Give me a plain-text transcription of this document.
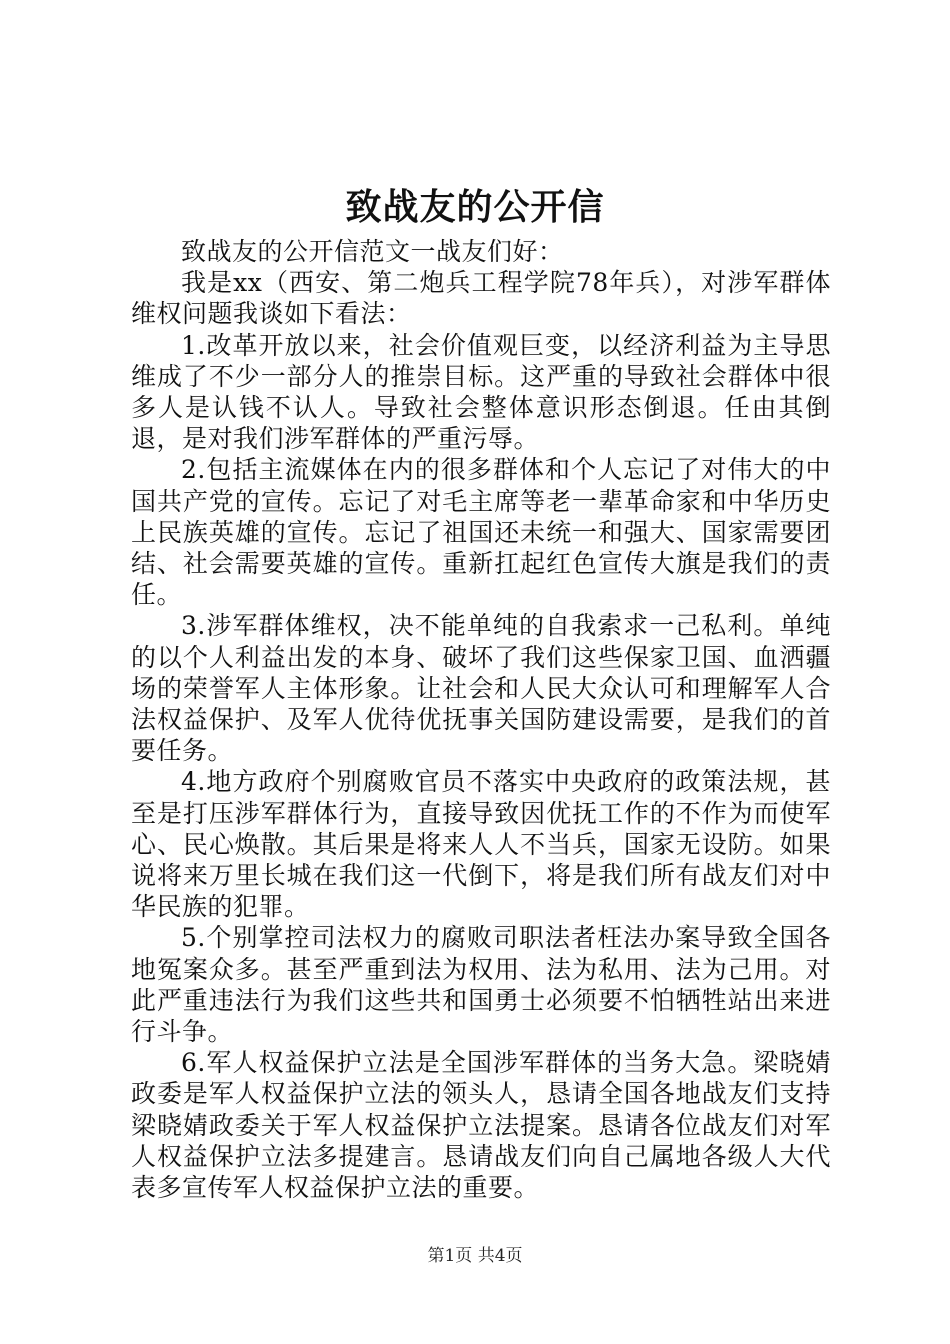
致战友的公开信

致战友的公开信范文一战友们好：

我是xx（西安、第二炮兵工程学院78年兵），对涉军群体维权问题我谈如下看法：

1.改革开放以来，社会价值观巨变，以经济利益为主导思维成了不少一部分人的推崇目标。这严重的导致社会群体中很多人是认钱不认人。导致社会整体意识形态倒退。任由其倒退，是对我们涉军群体的严重污辱。

2.包括主流媒体在内的很多群体和个人忘记了对伟大的中国共产党的宣传。忘记了对毛主席等老一辈革命家和中华历史上民族英雄的宣传。忘记了祖国还未统一和强大、国家需要团结、社会需要英雄的宣传。重新扛起红色宣传大旗是我们的责任。

3.涉军群体维权，决不能单纯的自我索求一己私利。单纯的以个人利益出发的本身、破坏了我们这些保家卫国、血洒疆场的荣誉军人主体形象。让社会和人民大众认可和理解军人合法权益保护、及军人优待优抚事关国防建设需要，是我们的首要任务。

4.地方政府个别腐败官员不落实中央政府的政策法规，甚至是打压涉军群体行为，直接导致因优抚工作的不作为而使军心、民心焕散。其后果是将来人人不当兵，国家无设防。如果说将来万里长城在我们这一代倒下，将是我们所有战友们对中华民族的犯罪。

5.个别掌控司法权力的腐败司职法者枉法办案导致全国各地冤案众多。甚至严重到法为权用、法为私用、法为己用。对此严重违法行为我们这些共和国勇士必须要不怕牺牲站出来进行斗争。

6.军人权益保护立法是全国涉军群体的当务大急。梁晓婧政委是军人权益保护立法的领头人，恳请全国各地战友们支持梁晓婧政委关于军人权益保护立法提案。恳请各位战友们对军人权益保护立法多提建言。恳请战友们向自己属地各级人大代表多宣传军人权益保护立法的重要。

第1页 共4页
